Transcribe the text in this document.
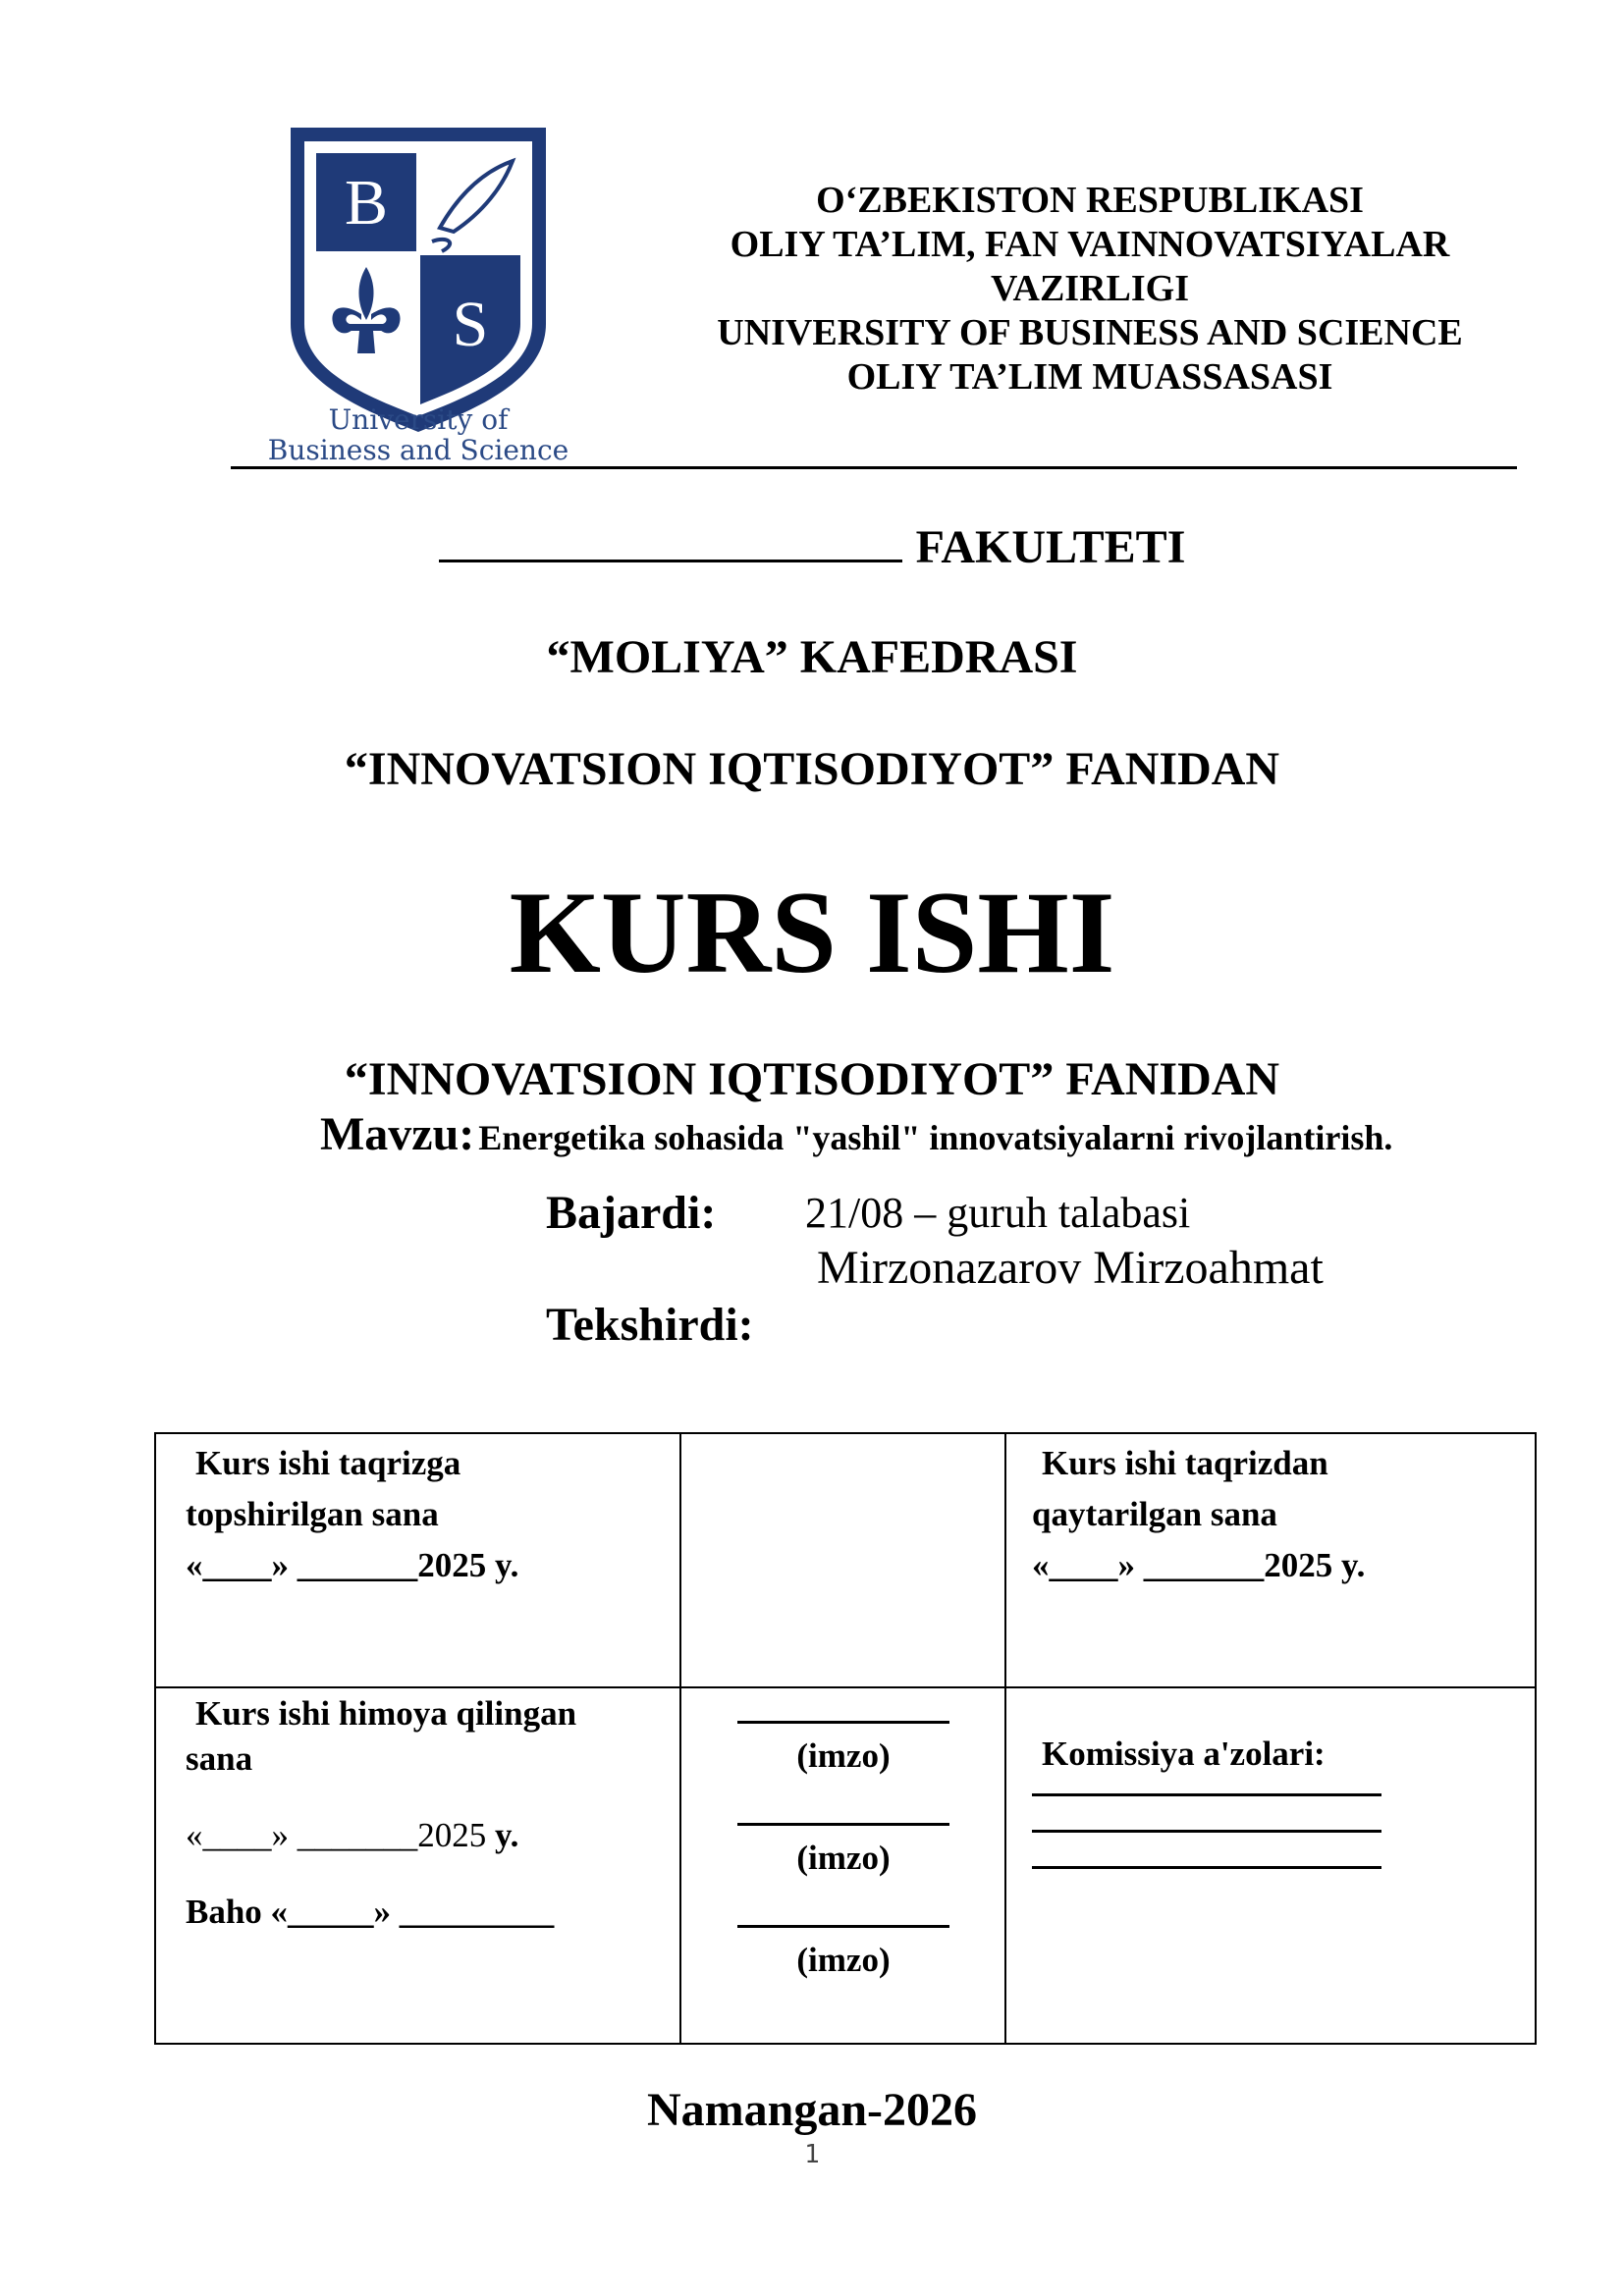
B
S
University of
Business and Science
O‘ZBEKISTON RESPUBLIKASI
OLIY TA’LIM, FAN VAINNOVATSIYALAR
VAZIRLIGI
UNIVERSITY OF BUSINESS AND SCIENCE
OLIY TA’LIM MUASSASASI
FAKULTETI
“MOLIYA” KAFEDRASI
“INNOVATSION IQTISODIYOT” FANIDAN
KURS ISHI
“INNOVATSION IQTISODIYOT” FANIDAN
Mavzu: Energetika sohasida "yashil" innovatsiyalarni rivojlantirish.
Bajardi: 21/08 – guruh talabasi
Mirzonazarov Mirzoahmat
Tekshirdi:
Kurs ishi taqrizga
topshirilgan sana
«____» _______2025 y.
Kurs ishi taqrizdan
qaytarilgan sana
«____» _______2025 y.
Kurs ishi himoya qilingan
sana
«____» _______2025 y.
Baho «_____» _________
(imzo)
(imzo)
(imzo)
Komissiya a'zolari:
Namangan-2026
1
